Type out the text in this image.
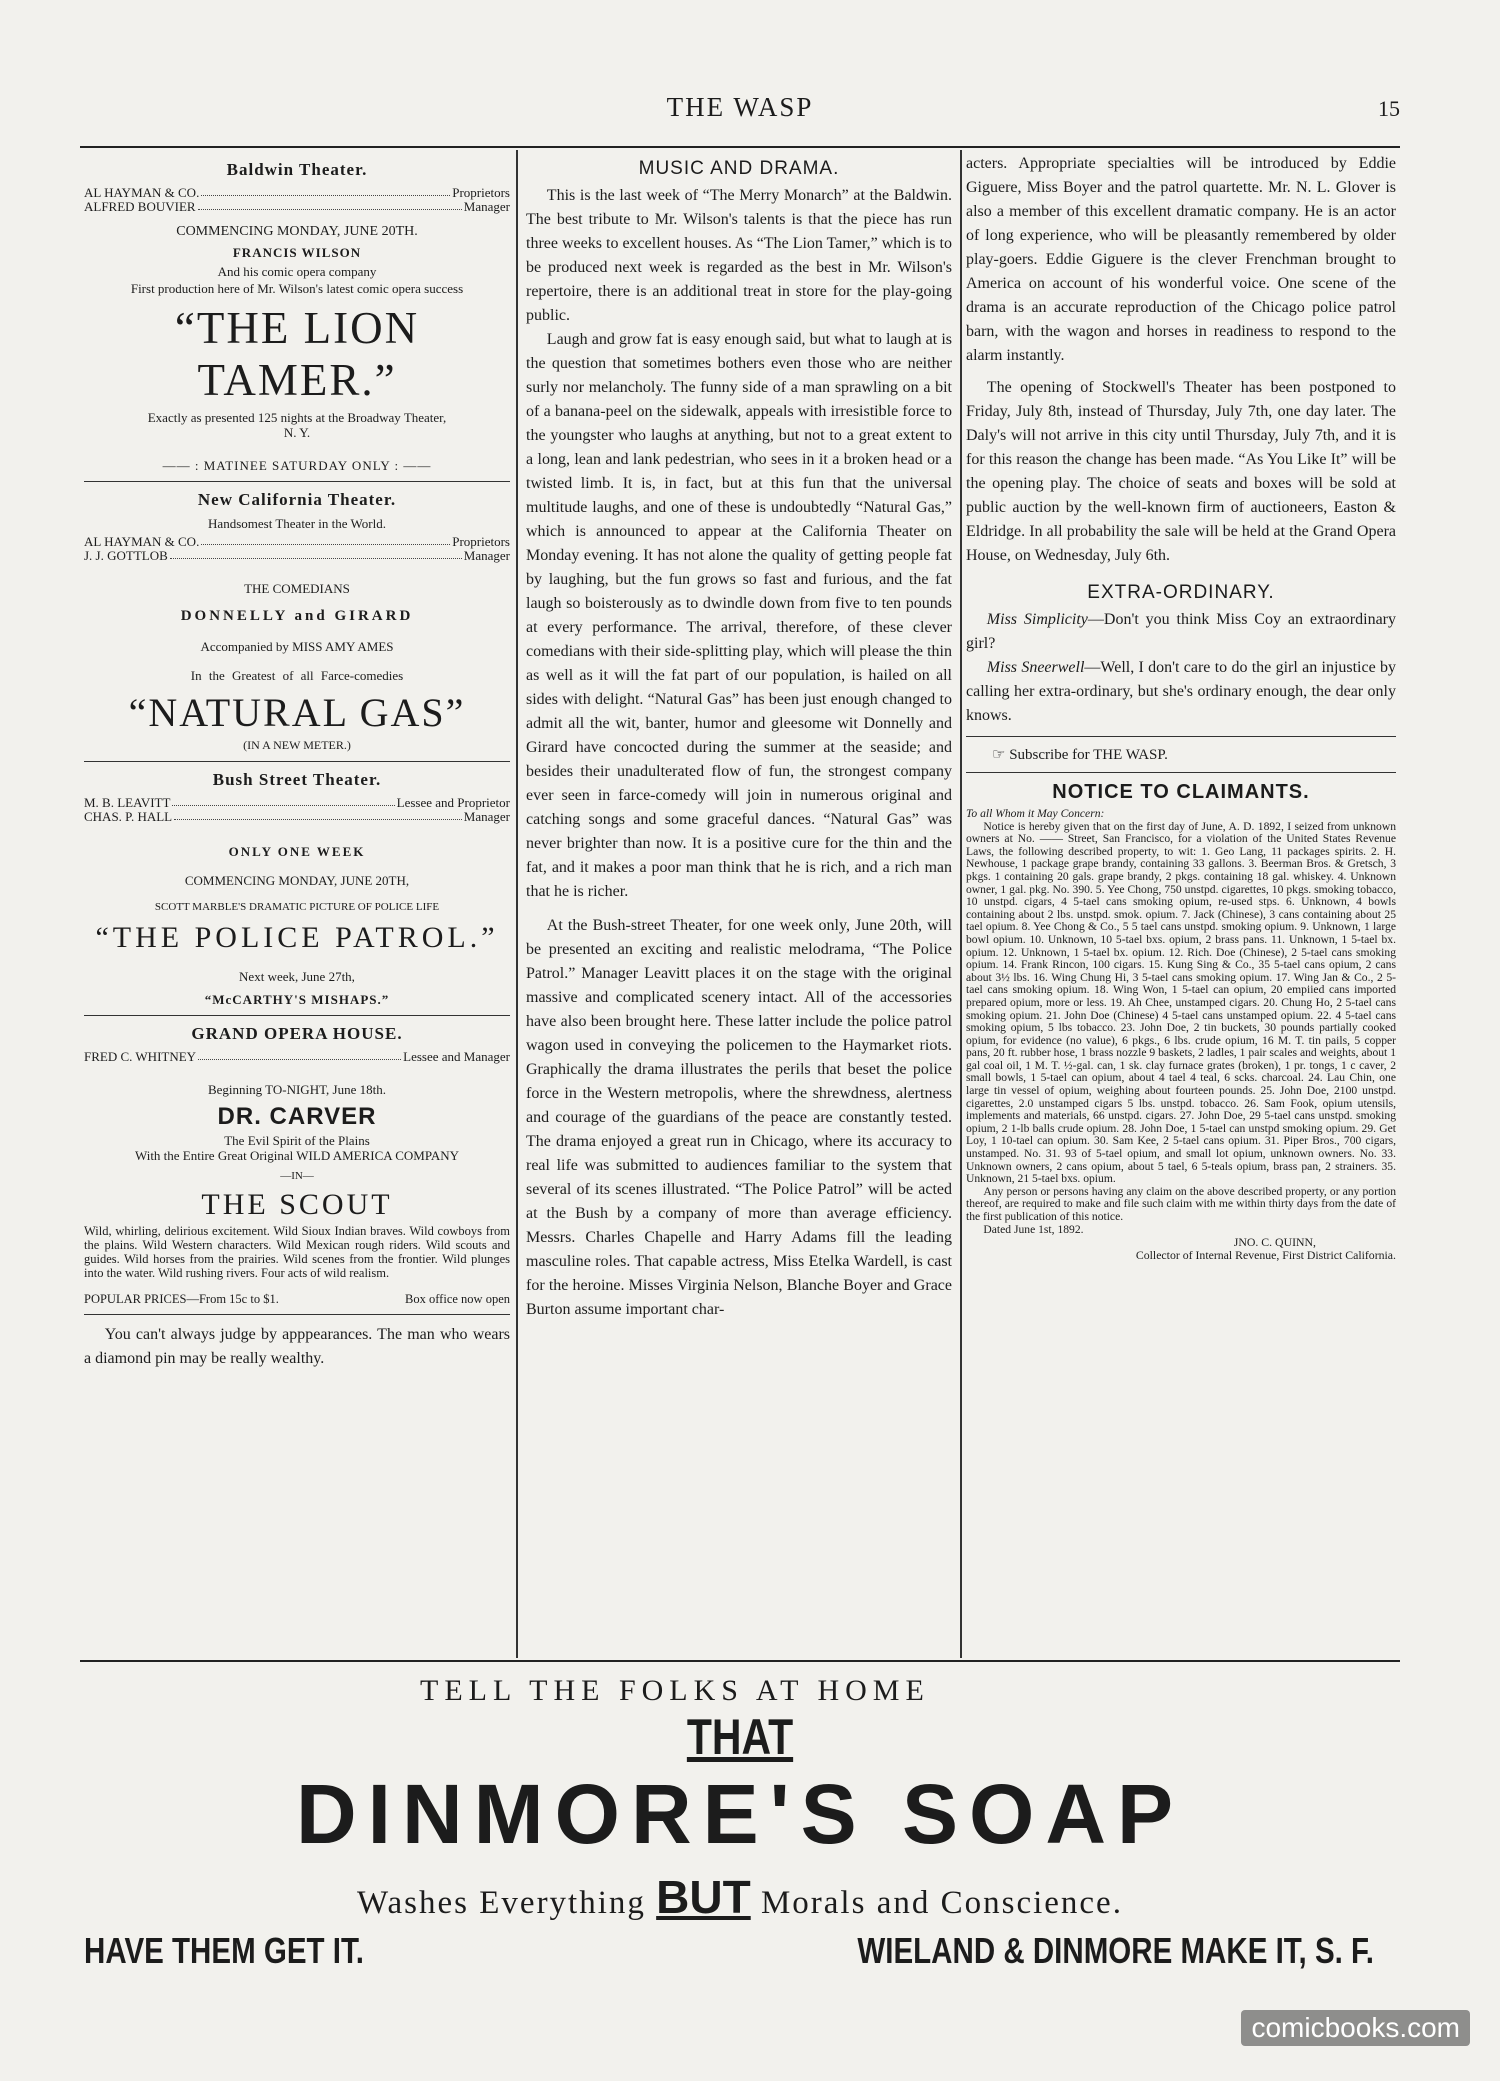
THE WASP	15
Baldwin Theater.
AL HAYMAN & CO.	Proprietors
ALFRED BOUVIER	Manager
COMMENCING MONDAY, JUNE 20TH.
FRANCIS WILSON
And his comic opera company
First production here of Mr. Wilson's latest comic opera success
“THE LION TAMER.”
Exactly as presented 125 nights at the Broadway Theater, N. Y.
—— : MATINEE SATURDAY ONLY : ——
New California Theater.
Handsomest Theater in the World.
AL HAYMAN & CO.	Proprietors
J. J. GOTTLOB	Manager
THE COMEDIANS
DONNELLY and GIRARD
Accompanied by MISS AMY AMES
In the Greatest of all Farce-comedies
“NATURAL GAS”
(IN A NEW METER.)
Bush Street Theater.
M. B. LEAVITT	Lessee and Proprietor
CHAS. P. HALL	Manager
ONLY ONE WEEK
COMMENCING MONDAY, JUNE 20TH,
SCOTT MARBLE'S DRAMATIC PICTURE OF POLICE LIFE
“THE POLICE PATROL.”
Next week, June 27th,
“McCARTHY'S MISHAPS.”
GRAND OPERA HOUSE.
FRED C. WHITNEY	Lessee and Manager
Beginning TO-NIGHT, June 18th.
DR. CARVER
The Evil Spirit of the Plains
With the Entire Great Original WILD AMERICA COMPANY
—IN—
THE SCOUT
Wild, whirling, delirious excitement. Wild Sioux Indian braves. Wild cowboys from the plains. Wild Western characters. Wild Mexican rough riders. Wild scouts and guides. Wild horses from the prairies. Wild scenes from the frontier. Wild plunges into the water. Wild rushing rivers. Four acts of wild realism.
POPULAR PRICES—From 15c to $1.	Box office now open

You can't always judge by apppearances. The man who wears a diamond pin may be really wealthy.

MUSIC AND DRAMA.

This is the last week of “The Merry Monarch” at the Baldwin. The best tribute to Mr. Wilson's talents is that the piece has run three weeks to excellent houses. As “The Lion Tamer,” which is to be produced next week is regarded as the best in Mr. Wilson's repertoire, there is an additional treat in store for the play-going public.

Laugh and grow fat is easy enough said, but what to laugh at is the question that sometimes bothers even those who are neither surly nor melancholy. The funny side of a man sprawling on a bit of a banana-peel on the sidewalk, appeals with irresistible force to the youngster who laughs at anything, but not to a great extent to a long, lean and lank pedestrian, who sees in it a broken head or a twisted limb. It is, in fact, but at this fun that the universal multitude laughs, and one of these is undoubtedly “Natural Gas,” which is announced to appear at the California Theater on Monday evening. It has not alone the quality of getting people fat by laughing, but the fun grows so fast and furious, and the fat laugh so boisterously as to dwindle down from five to ten pounds at every performance. The arrival, therefore, of these clever comedians with their side-splitting play, which will please the thin as well as it will the fat part of our population, is hailed on all sides with delight. “Natural Gas” has been just enough changed to admit all the wit, banter, humor and gleesome wit Donnelly and Girard have concocted during the summer at the seaside; and besides their unadulterated flow of fun, the strongest company ever seen in farce-comedy will join in numerous original and catching songs and some graceful dances. “Natural Gas” was never brighter than now. It is a positive cure for the thin and the fat, and it makes a poor man think that he is rich, and a rich man that he is richer.

At the Bush-street Theater, for one week only, June 20th, will be presented an exciting and realistic melodrama, “The Police Patrol.” Manager Leavitt places it on the stage with the original massive and complicated scenery intact. All of the accessories have also been brought here. These latter include the police patrol wagon used in conveying the policemen to the Haymarket riots. Graphically the drama illustrates the perils that beset the police force in the Western metropolis, where the shrewdness, alertness and courage of the guardians of the peace are constantly tested. The drama enjoyed a great run in Chicago, where its accuracy to real life was submitted to audiences familiar to the system that several of its scenes illustrated. “The Police Patrol” will be acted at the Bush by a company of more than average efficiency. Messrs. Charles Chapelle and Harry Adams fill the leading masculine roles. That capable actress, Miss Etelka Wardell, is cast for the heroine. Misses Virginia Nelson, Blanche Boyer and Grace Burton assume important char-

acters. Appropriate specialties will be introduced by Eddie Giguere, Miss Boyer and the patrol quartette. Mr. N. L. Glover is also a member of this excellent dramatic company. He is an actor of long experience, who will be pleasantly remembered by older play-goers. Eddie Giguere is the clever Frenchman brought to America on account of his wonderful voice. One scene of the drama is an accurate reproduction of the Chicago police patrol barn, with the wagon and horses in readiness to respond to the alarm instantly.

The opening of Stockwell's Theater has been postponed to Friday, July 8th, instead of Thursday, July 7th, one day later. The Daly's will not arrive in this city until Thursday, July 7th, and it is for this reason the change has been made. “As You Like It” will be the opening play. The choice of seats and boxes will be sold at public auction by the well-known firm of auctioneers, Easton & Eldridge. In all probability the sale will be held at the Grand Opera House, on Wednesday, July 6th.

EXTRA-ORDINARY.

Miss Simplicity—Don't you think Miss Coy an extraordinary girl?

Miss Sneerwell—Well, I don't care to do the girl an injustice by calling her extra-ordinary, but she's ordinary enough, the dear only knows.

☞ Subscribe for THE WASP.
NOTICE TO CLAIMANTS.
To all Whom it May Concern:
Notice is hereby given that on the first day of June, A. D. 1892, I seized from unknown owners at No. —— Street, San Francisco, for a violation of the United States Revenue Laws, the following described property, to wit: 1. Geo Lang, 11 packages spirits. 2. H. Newhouse, 1 package grape brandy, containing 33 gallons. 3. Beerman Bros. & Gretsch, 3 pkgs. 1 containing 20 gals. grape brandy, 2 pkgs. containing 18 gal. whiskey. 4. Unknown owner, 1 gal. pkg. No. 390. 5. Yee Chong, 750 unstpd. cigarettes, 10 pkgs. smoking tobacco, 10 unstpd. cigars, 4 5-tael cans smoking opium, re-used stps. 6. Unknown, 4 bowls containing about 2 lbs. unstpd. smok. opium. 7. Jack (Chinese), 3 cans containing about 25 tael opium. 8. Yee Chong & Co., 5 5 tael cans unstpd. smoking opium. 9. Unknown, 1 large bowl opium. 10. Unknown, 10 5-tael bxs. opium, 2 brass pans. 11. Unknown, 1 5-tael bx. opium. 12. Unknown, 1 5-tael bx. opium. 12. Rich. Doe (Chinese), 2 5-tael cans smoking opium. 14. Frank Rincon, 100 cigars. 15. Kung Sing & Co., 35 5-tael cans opium, 2 cans about 3½ lbs. 16. Wing Chung Hi, 3 5-tael cans smoking opium. 17. Wing Jan & Co., 2 5-tael cans smoking opium. 18. Wing Won, 1 5-tael can opium, 20 empiied cans imported prepared opium, more or less. 19. Ah Chee, unstamped cigars. 20. Chung Ho, 2 5-tael cans smoking opium. 21. John Doe (Chinese) 4 5-tael cans unstamped opium. 22. 4 5-tael cans smoking opium, 5 lbs tobacco. 23. John Doe, 2 tin buckets, 30 pounds partially cooked opium, for evidence (no value), 6 pkgs., 6 lbs. crude opium, 16 M. T. tin pails, 5 copper pans, 20 ft. rubber hose, 1 brass nozzle 9 baskets, 2 ladles, 1 pair scales and weights, about 1 gal coal oil, 1 M. T. ½-gal. can, 1 sk. clay furnace grates (broken), 1 pr. tongs, 1 c caver, 2 small bowls, 1 5-tael can opium, about 4 tael 4 teal, 6 scks. charcoal. 24. Lau Chin, one large tin vessel of opium, weighing about fourteen pounds. 25. John Doe, 2100 unstpd. cigarettes, 2.0 unstamped cigars 5 lbs. unstpd. tobacco. 26. Sam Fook, opium utensils, implements and materials, 66 unstpd. cigars. 27. John Doe, 29 5-tael cans unstpd. smoking opium, 2 1-lb balls crude opium. 28. John Doe, 1 5-tael can unstpd smoking opium. 29. Get Loy, 1 10-tael can opium. 30. Sam Kee, 2 5-tael cans opium. 31. Piper Bros., 700 cigars, unstamped. No. 31. 93 of 5-tael opium, and small lot opium, unknown owners. No. 33. Unknown owners, 2 cans opium, about 5 tael, 6 5-teals opium, brass pan, 2 strainers. 35. Unknown, 21 5-tael bxs. opium.
Any person or persons having any claim on the above described property, or any portion thereof, are required to make and file such claim with me within thirty days from the date of the first publication of this notice.
Dated June 1st, 1892.
JNO. C. QUINN,
Collector of Internal Revenue, First District California.
TELL THE FOLKS AT HOME
THAT
DINMORE'S SOAP
Washes Everything BUT Morals and Conscience.
HAVE THEM GET IT.	WIELAND & DINMORE MAKE IT, S. F.
comicbooks.com
